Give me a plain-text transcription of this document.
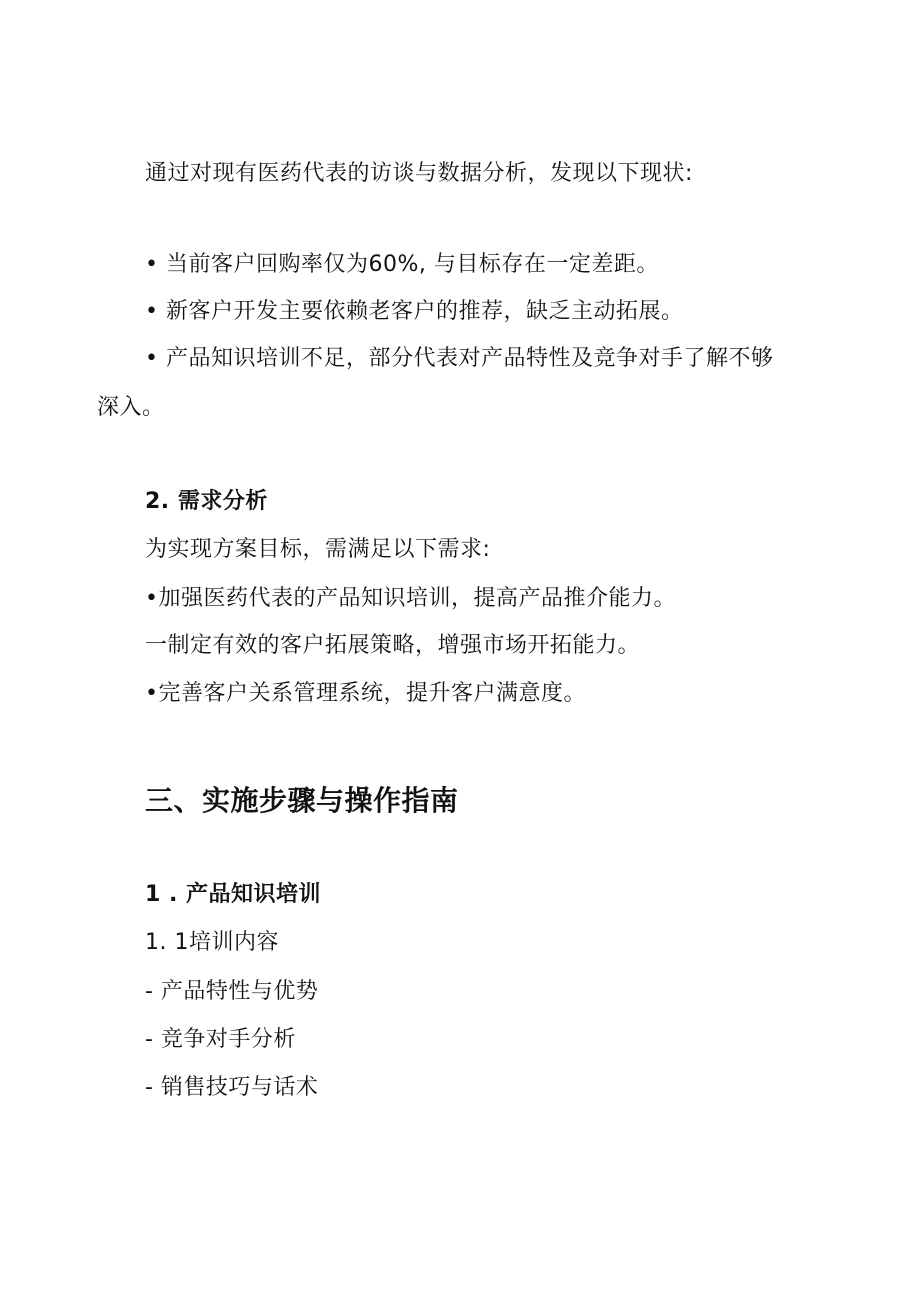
通过对现有医药代表的访谈与数据分析，发现以下现状:
• 当前客户回购率仅为60%, 与目标存在一定差距。
• 新客户开发主要依赖老客户的推荐，缺乏主动拓展。
• 产品知识培训不足，部分代表对产品特性及竞争对手了解不够
深入。
2. 需求分析
为实现方案目标，需满足以下需求:
•加强医药代表的产品知识培训，提高产品推介能力。
一制定有效的客户拓展策略，增强市场开拓能力。
•完善客户关系管理系统，提升客户满意度。
三、实施步骤与操作指南
1 . 产品知识培训
1. 1培训内容
- 产品特性与优势
- 竞争对手分析
- 销售技巧与话术
